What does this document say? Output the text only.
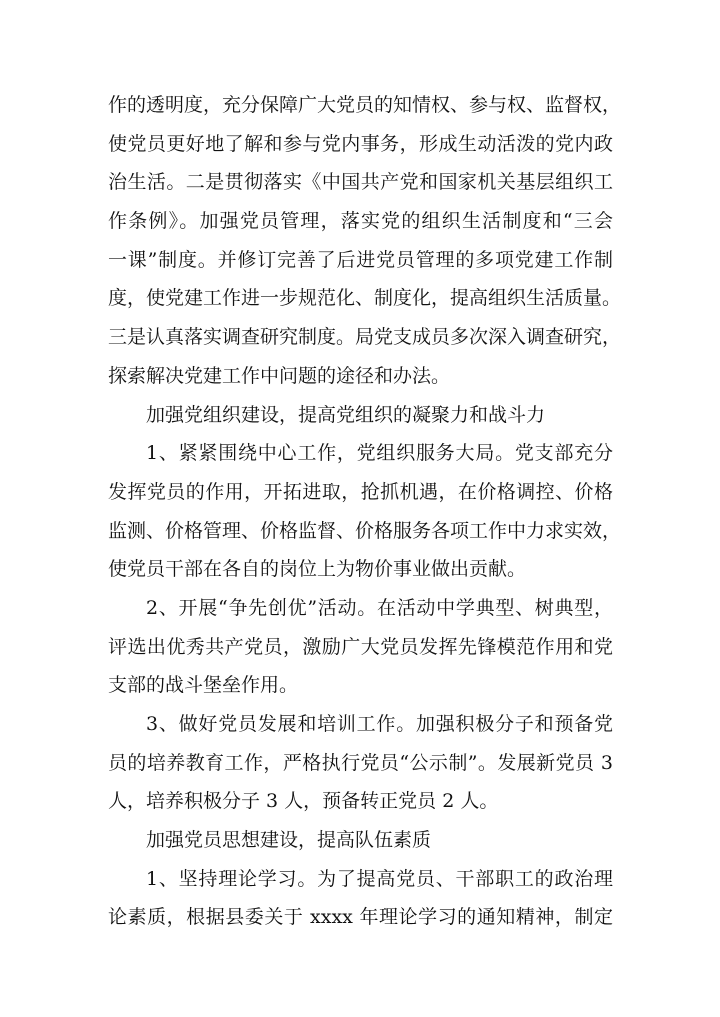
作的透明度，充分保障广大党员的知情权、参与权、监督权，
使党员更好地了解和参与党内事务，形成生动活泼的党内政
治生活。二是贯彻落实《中国共产党和国家机关基层组织工
作条例》。加强党员管理，落实党的组织生活制度和“三会
一课”制度。并修订完善了后进党员管理的多项党建工作制
度，使党建工作进一步规范化、制度化，提高组织生活质量。
三是认真落实调查研究制度。局党支成员多次深入调查研究，
探索解决党建工作中问题的途径和办法。
加强党组织建设，提高党组织的凝聚力和战斗力
1、紧紧围绕中心工作，党组织服务大局。党支部充分
发挥党员的作用，开拓进取，抢抓机遇，在价格调控、价格
监测、价格管理、价格监督、价格服务各项工作中力求实效，
使党员干部在各自的岗位上为物价事业做出贡献。
2、开展“争先创优”活动。在活动中学典型、树典型，
评选出优秀共产党员，激励广大党员发挥先锋模范作用和党
支部的战斗堡垒作用。
3、做好党员发展和培训工作。加强积极分子和预备党
员的培养教育工作，严格执行党员“公示制”。发展新党员 3
人，培养积极分子 3 人，预备转正党员 2 人。
加强党员思想建设，提高队伍素质
1、坚持理论学习。为了提高党员、干部职工的政治理
论素质，根据县委关于 xxxx 年理论学习的通知精神，制定
